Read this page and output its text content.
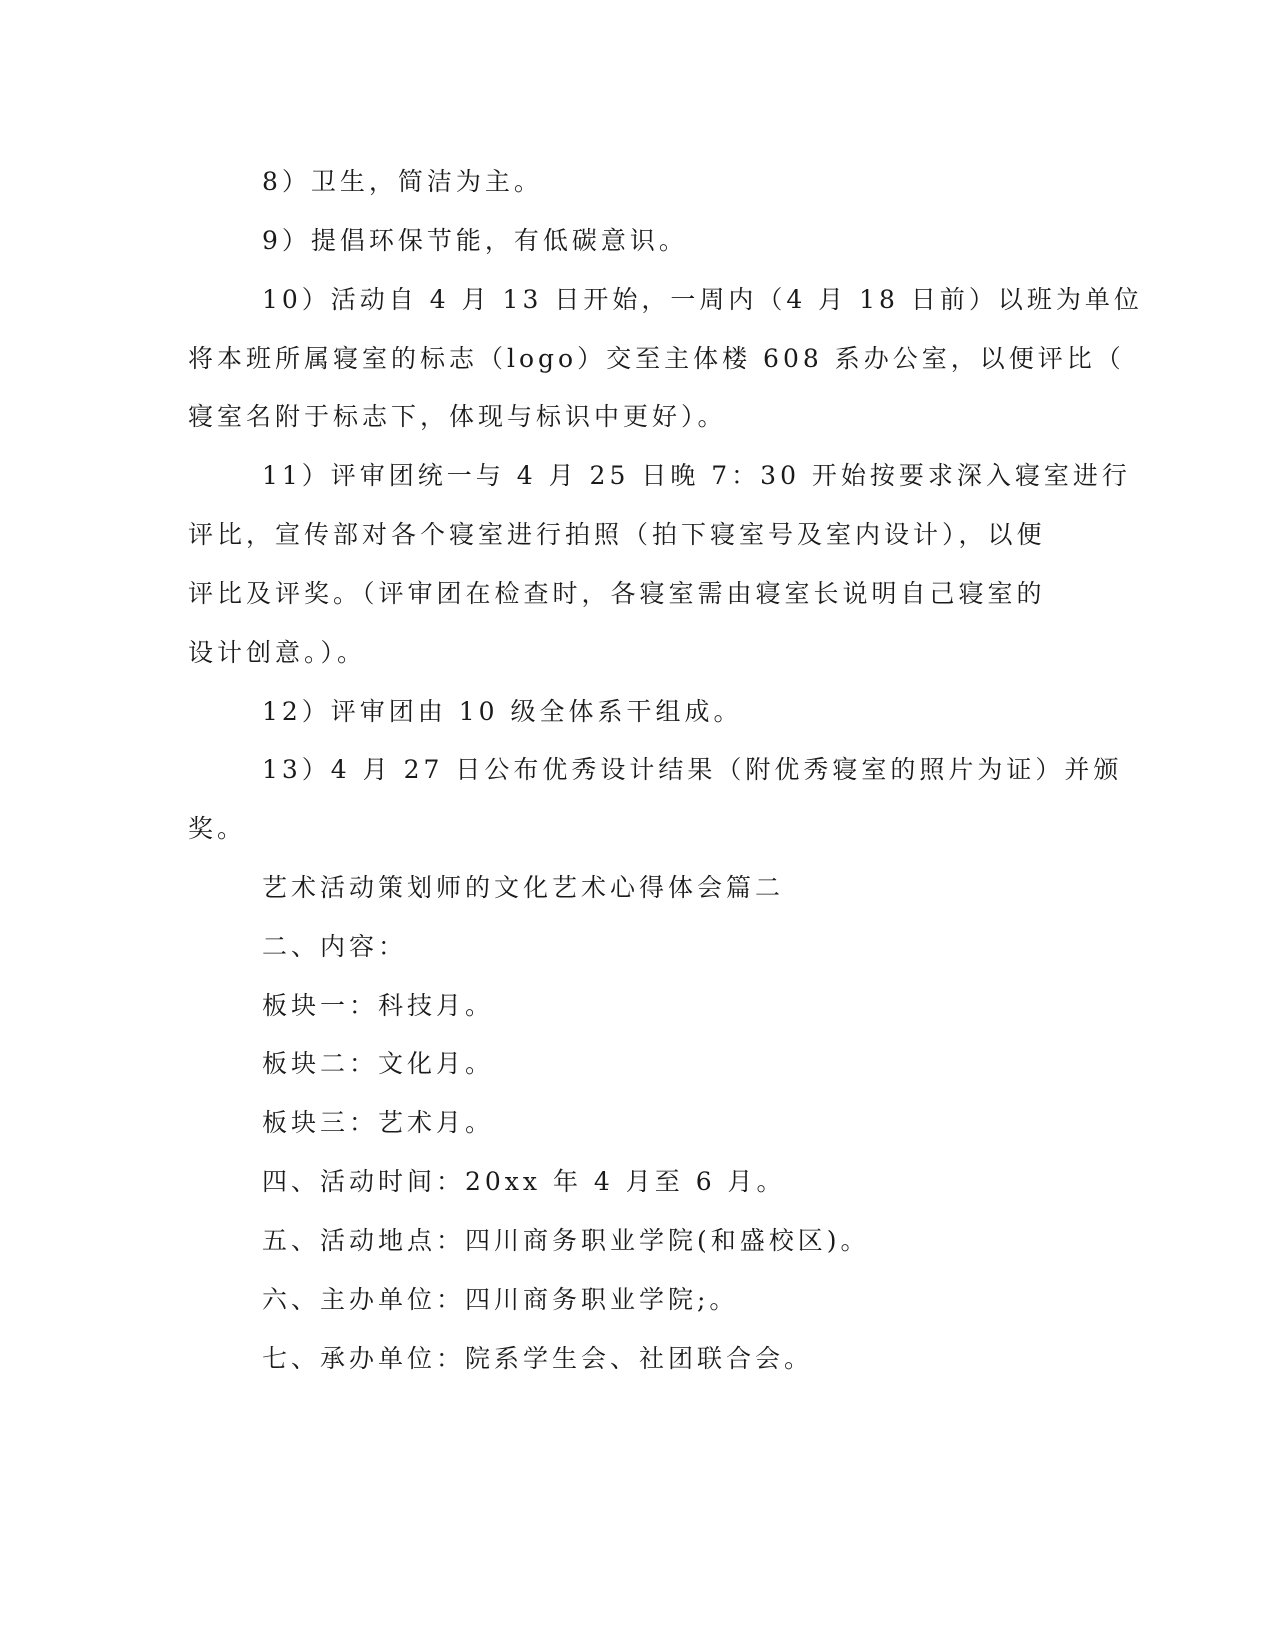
8）卫生，简洁为主。
9）提倡环保节能，有低碳意识。
10）活动自 4 月 13 日开始，一周内（4 月 18 日前）以班为单位
将本班所属寝室的标志（logo）交至主体楼 608 系办公室，以便评比（
寝室名附于标志下，体现与标识中更好）。
11）评审团统一与 4 月 25 日晚 7：30 开始按要求深入寝室进行
评比，宣传部对各个寝室进行拍照（拍下寝室号及室内设计），以便
评比及评奖。（评审团在检查时，各寝室需由寝室长说明自己寝室的
设计创意。）。
12）评审团由 10 级全体系干组成。
13）4 月 27 日公布优秀设计结果（附优秀寝室的照片为证）并颁
奖。
艺术活动策划师的文化艺术心得体会篇二
二、内容：
板块一：科技月。
板块二：文化月。
板块三：艺术月。
四、活动时间：20xx 年 4 月至 6 月。
五、活动地点：四川商务职业学院(和盛校区)。
六、主办单位：四川商务职业学院;。
七、承办单位：院系学生会、社团联合会。
